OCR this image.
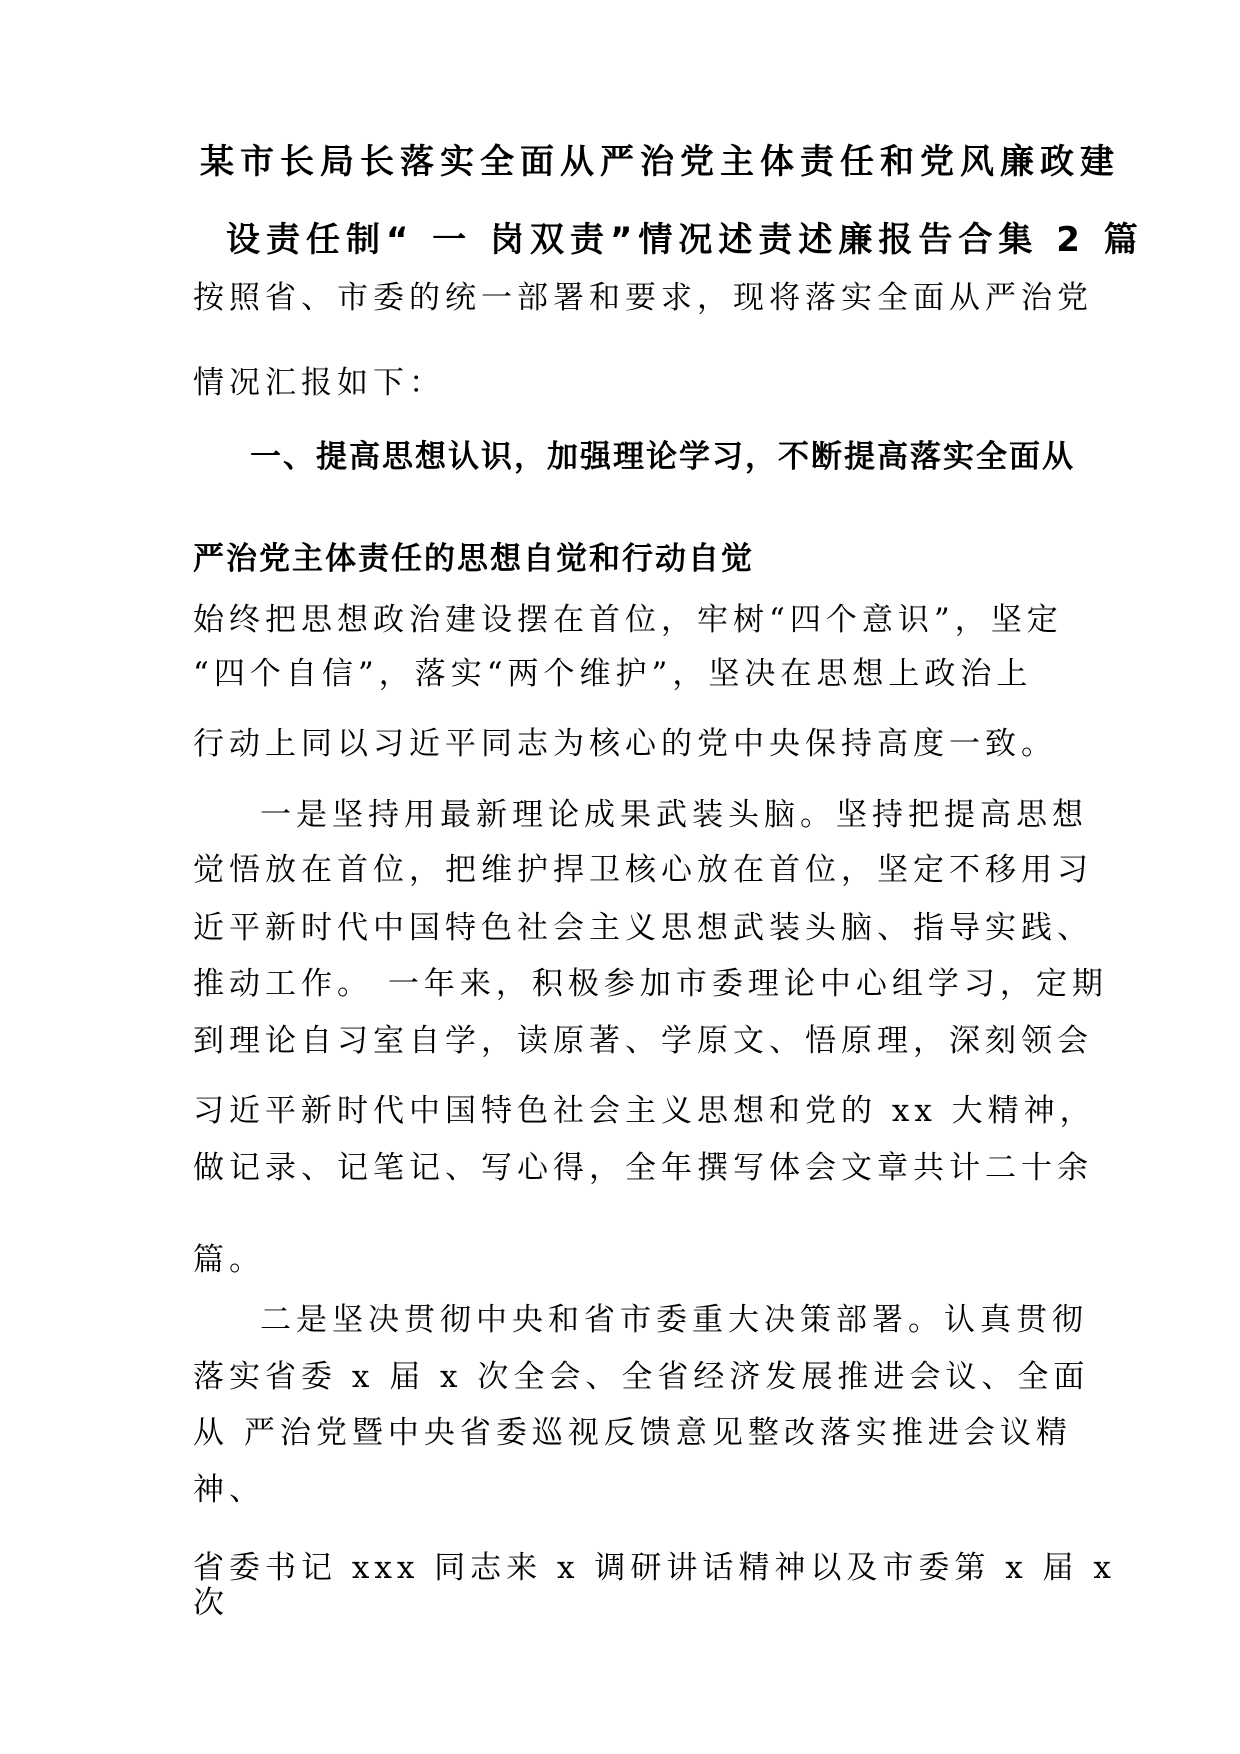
某市长局长落实全面从严治党主体责任和党风廉政建
设责任制“ 一 岗双责”情况述责述廉报告合集 2 篇
按照省、市委的统一部署和要求，现将落实全面从严治党
情况汇报如下：
一、提高思想认识，加强理论学习，不断提高落实全面从
严治党主体责任的思想自觉和行动自觉
始终把思想政治建设摆在首位，牢树“四个意识”，坚定
“四个自信”，落实“两个维护”，坚决在思想上政治上
行动上同以习近平同志为核心的党中央保持高度一致。
一是坚持用最新理论成果武装头脑。坚持把提高思想
觉悟放在首位，把维护捍卫核心放在首位，坚定不移用习
近平新时代中国特色社会主义思想武装头脑、指导实践、
推动工作。 一年来，积极参加市委理论中心组学习，定期
到理论自习室自学，读原著、学原文、悟原理，深刻领会
习近平新时代中国特色社会主义思想和党的 xx 大精神，
做记录、记笔记、写心得，全年撰写体会文章共计二十余
篇。
二是坚决贯彻中央和省市委重大决策部署。认真贯彻
落实省委 x 届 x 次全会、全省经济发展推进会议、全面
从 严治党暨中央省委巡视反馈意见整改落实推进会议精
神、
省委书记 xxx 同志来 x 调研讲话精神以及市委第 x 届 x
次
